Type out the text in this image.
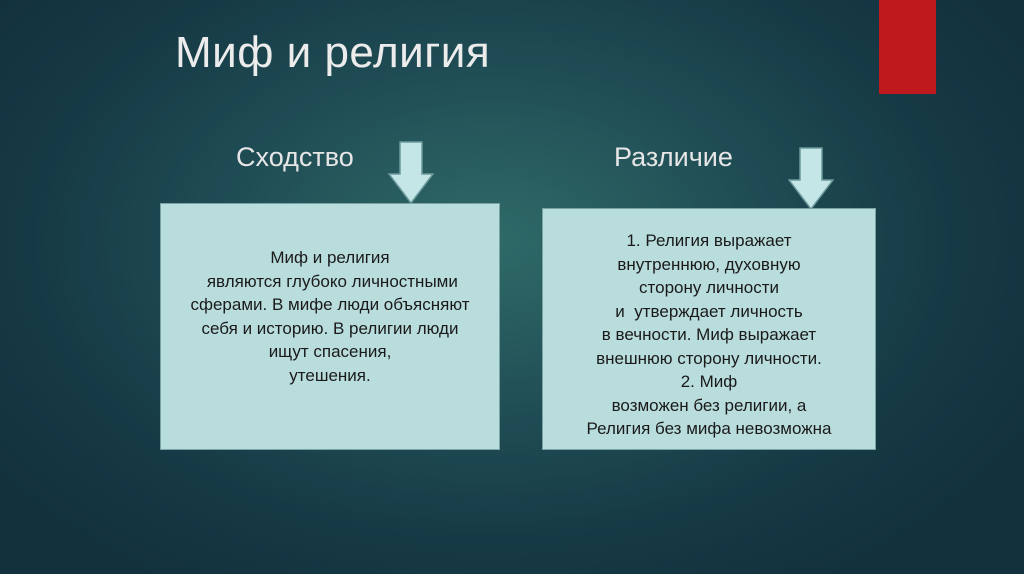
Миф и религия
Сходство	Различие
Миф и религия
являются глубоко личностными
сферами. В мифе люди объясняют
себя и историю. В религии люди
ищут спасения,
утешения.
1. Религия выражает
внутреннюю, духовную
сторону личности
и  утверждает личность
в вечности. Миф выражает
внешнюю сторону личности.
2. Миф
возможен без религии, а
Религия без мифа невозможна
